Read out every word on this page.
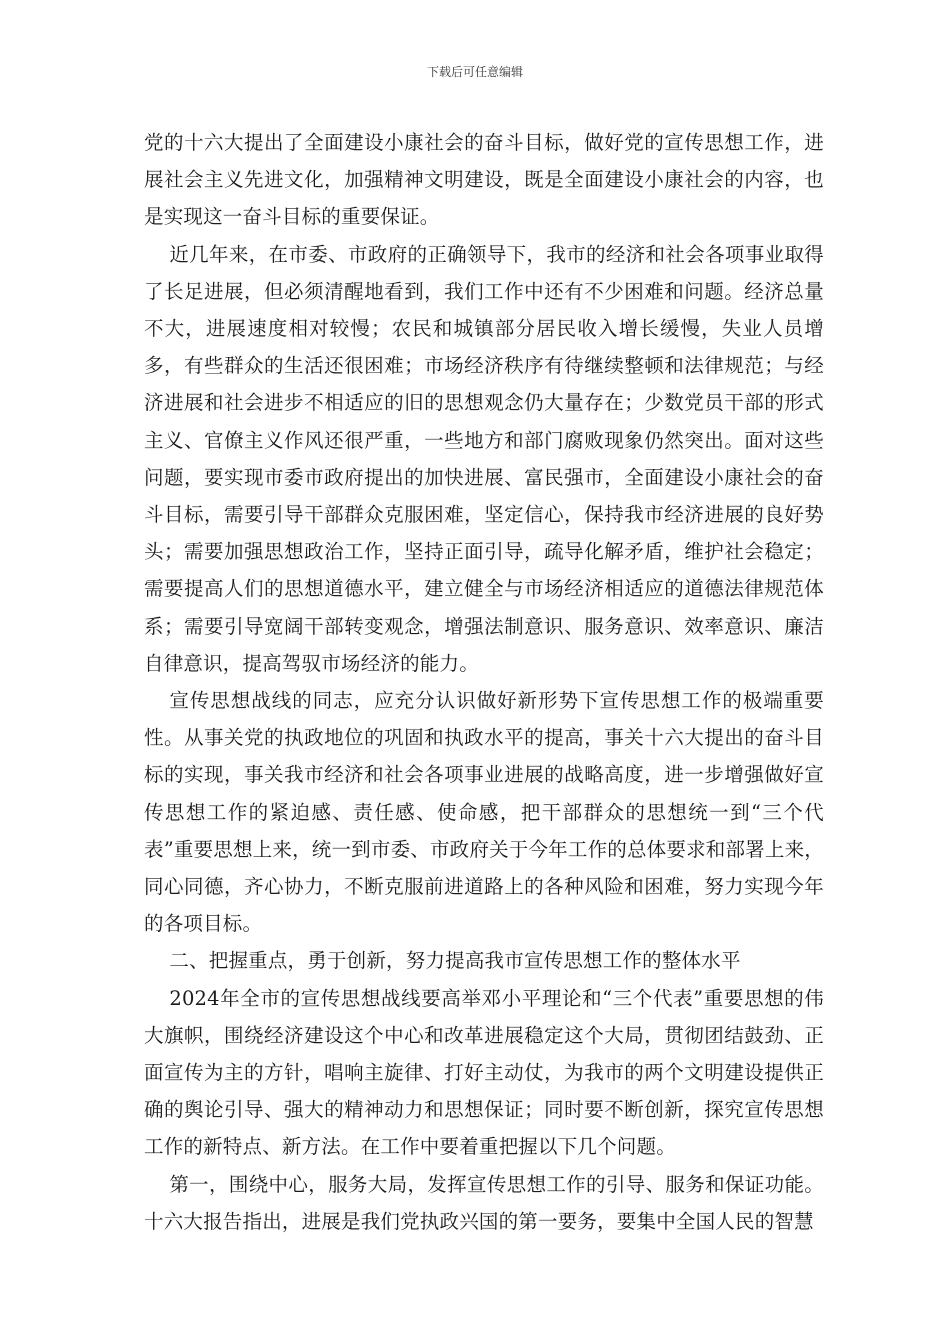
下载后可任意编辑

党的十六大提出了全面建设小康社会的奋斗目标，做好党的宣传思想工作，进展社会主义先进文化，加强精神文明建设，既是全面建设小康社会的内容，也是实现这一奋斗目标的重要保证。

近几年来，在市委、市政府的正确领导下，我市的经济和社会各项事业取得了长足进展，但必须清醒地看到，我们工作中还有不少困难和问题。经济总量不大，进展速度相对较慢；农民和城镇部分居民收入增长缓慢，失业人员增多，有些群众的生活还很困难；市场经济秩序有待继续整顿和法律规范；与经济进展和社会进步不相适应的旧的思想观念仍大量存在；少数党员干部的形式主义、官僚主义作风还很严重，一些地方和部门腐败现象仍然突出。面对这些问题，要实现市委市政府提出的加快进展、富民强市，全面建设小康社会的奋斗目标，需要引导干部群众克服困难，坚定信心，保持我市经济进展的良好势头；需要加强思想政治工作，坚持正面引导，疏导化解矛盾，维护社会稳定；需要提高人们的思想道德水平，建立健全与市场经济相适应的道德法律规范体系；需要引导宽阔干部转变观念，增强法制意识、服务意识、效率意识、廉洁自律意识，提高驾驭市场经济的能力。

宣传思想战线的同志，应充分认识做好新形势下宣传思想工作的极端重要性。从事关党的执政地位的巩固和执政水平的提高，事关十六大提出的奋斗目标的实现，事关我市经济和社会各项事业进展的战略高度，进一步增强做好宣传思想工作的紧迫感、责任感、使命感，把干部群众的思想统一到“三个代表”重要思想上来，统一到市委、市政府关于今年工作的总体要求和部署上来，同心同德，齐心协力，不断克服前进道路上的各种风险和困难，努力实现今年的各项目标。

二、把握重点，勇于创新，努力提高我市宣传思想工作的整体水平

2024年全市的宣传思想战线要高举邓小平理论和“三个代表”重要思想的伟大旗帜，围绕经济建设这个中心和改革进展稳定这个大局，贯彻团结鼓劲、正面宣传为主的方针，唱响主旋律、打好主动仗，为我市的两个文明建设提供正确的舆论引导、强大的精神动力和思想保证；同时要不断创新，探究宣传思想工作的新特点、新方法。在工作中要着重把握以下几个问题。

第一，围绕中心，服务大局，发挥宣传思想工作的引导、服务和保证功能。十六大报告指出，进展是我们党执政兴国的第一要务，要集中全国人民的智慧
